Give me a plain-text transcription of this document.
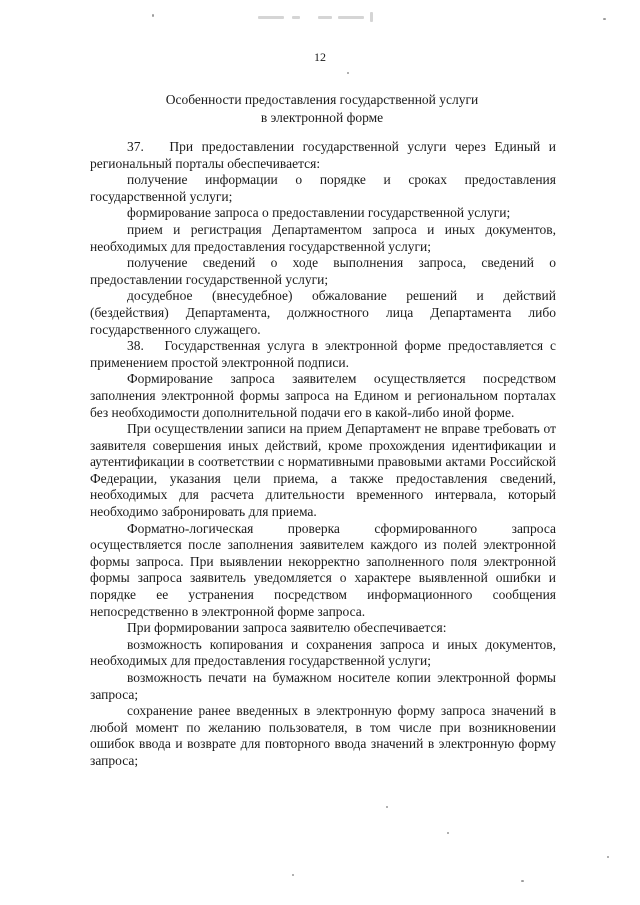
12
Особенности предоставления государственной услуги
в электронной форме

37.   При предоставлении государственной услуги через Единый и региональный порталы обеспечивается:

получение информации о порядке и сроках предоставления государственной услуги;

формирование запроса о предоставлении государственной услуги;

прием и регистрация Департаментом запроса и иных документов, необходимых для предоставления государственной услуги;

получение сведений о ходе выполнения запроса, сведений о предоставлении государственной услуги;

досудебное (внесудебное) обжалование решений и действий (бездействия) Департамента, должностного лица Департамента либо государственного служащего.

38.   Государственная услуга в электронной форме предоставляется с применением простой электронной подписи.

Формирование запроса заявителем осуществляется посредством заполнения электронной формы запроса на Едином и региональном порталах без необходимости дополнительной подачи его в какой-либо иной форме.

При осуществлении записи на прием Департамент не вправе требовать от заявителя совершения иных действий, кроме прохождения идентификации и аутентификации в соответствии с нормативными правовыми актами Российской Федерации, указания цели приема, а также предоставления сведений, необходимых для расчета длительности временного интервала, который необходимо забронировать для приема.

Форматно-логическая проверка сформированного запроса осуществляется после заполнения заявителем каждого из полей электронной формы запроса. При выявлении некорректно заполненного поля электронной формы запроса заявитель уведомляется о характере выявленной ошибки и порядке ее устранения посредством информационного сообщения непосредственно в электронной форме запроса.

При формировании запроса заявителю обеспечивается:

возможность копирования и сохранения запроса и иных документов, необходимых для предоставления государственной услуги;

возможность печати на бумажном носителе копии электронной формы запроса;

сохранение ранее введенных в электронную форму запроса значений в любой момент по желанию пользователя, в том числе при возникновении ошибок ввода и возврате для повторного ввода значений в электронную форму запроса;
